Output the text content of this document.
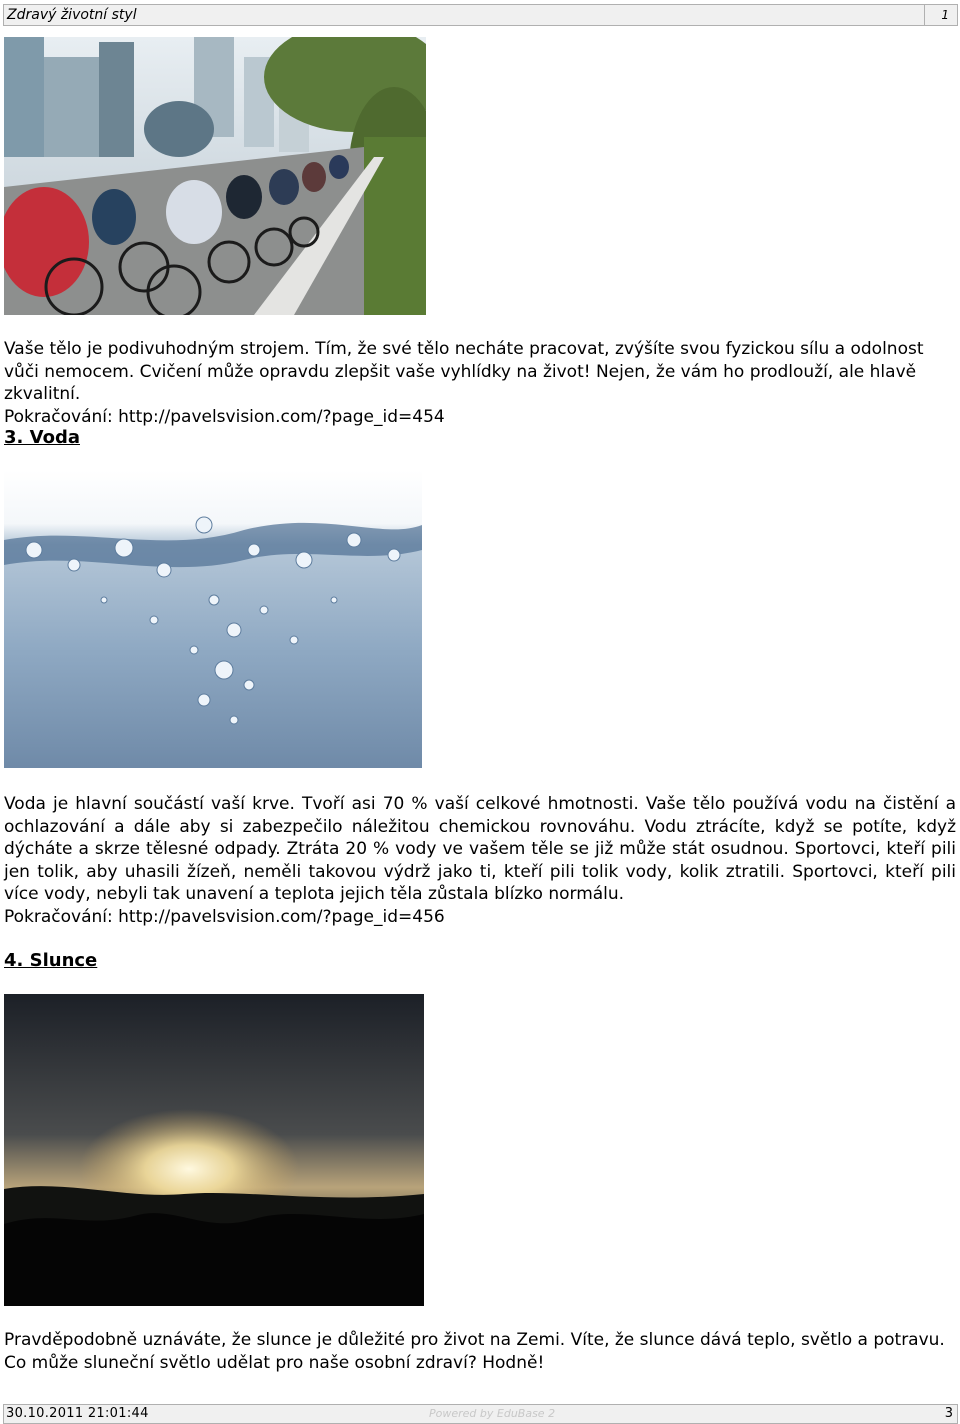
Zdravý životní styl	1

Vaše tělo je podivuhodným strojem. Tím, že své tělo necháte pracovat, zvýšíte svou fyzickou sílu a odolnost vůči nemocem. Cvičení může opravdu zlepšit vaše vyhlídky na život! Nejen, že vám ho prodlouží, ale hlavě zkvalitní.
Pokračování: http://pavelsvision.com/?page_id=454

3. Voda

Voda je hlavní součástí vaší krve. Tvoří asi 70 % vaší celkové hmotnosti. Vaše tělo používá vodu na čistění a ochlazování a dále aby si zabezpečilo náležitou chemickou rovnováhu. Vodu ztrácíte, když se potíte, když dýcháte a skrze tělesné odpady. Ztráta 20 % vody ve vašem těle se již může stát osudnou. Sportovci, kteří pili jen tolik, aby uhasili žízeň, neměli takovou výdrž jako ti, kteří pili tolik vody, kolik ztratili. Sportovci, kteří pili více vody, nebyli tak unavení a teplota jejich těla zůstala blízko normálu.
Pokračování: http://pavelsvision.com/?page_id=456

4. Slunce

Pravděpodobně uznáváte, že slunce je důležité pro život na Zemi. Víte, že slunce dává teplo, světlo a potravu. Co může sluneční světlo udělat pro naše osobní zdraví? Hodně!

30.10.2011 21:01:44	Powered by EduBase 2	3
